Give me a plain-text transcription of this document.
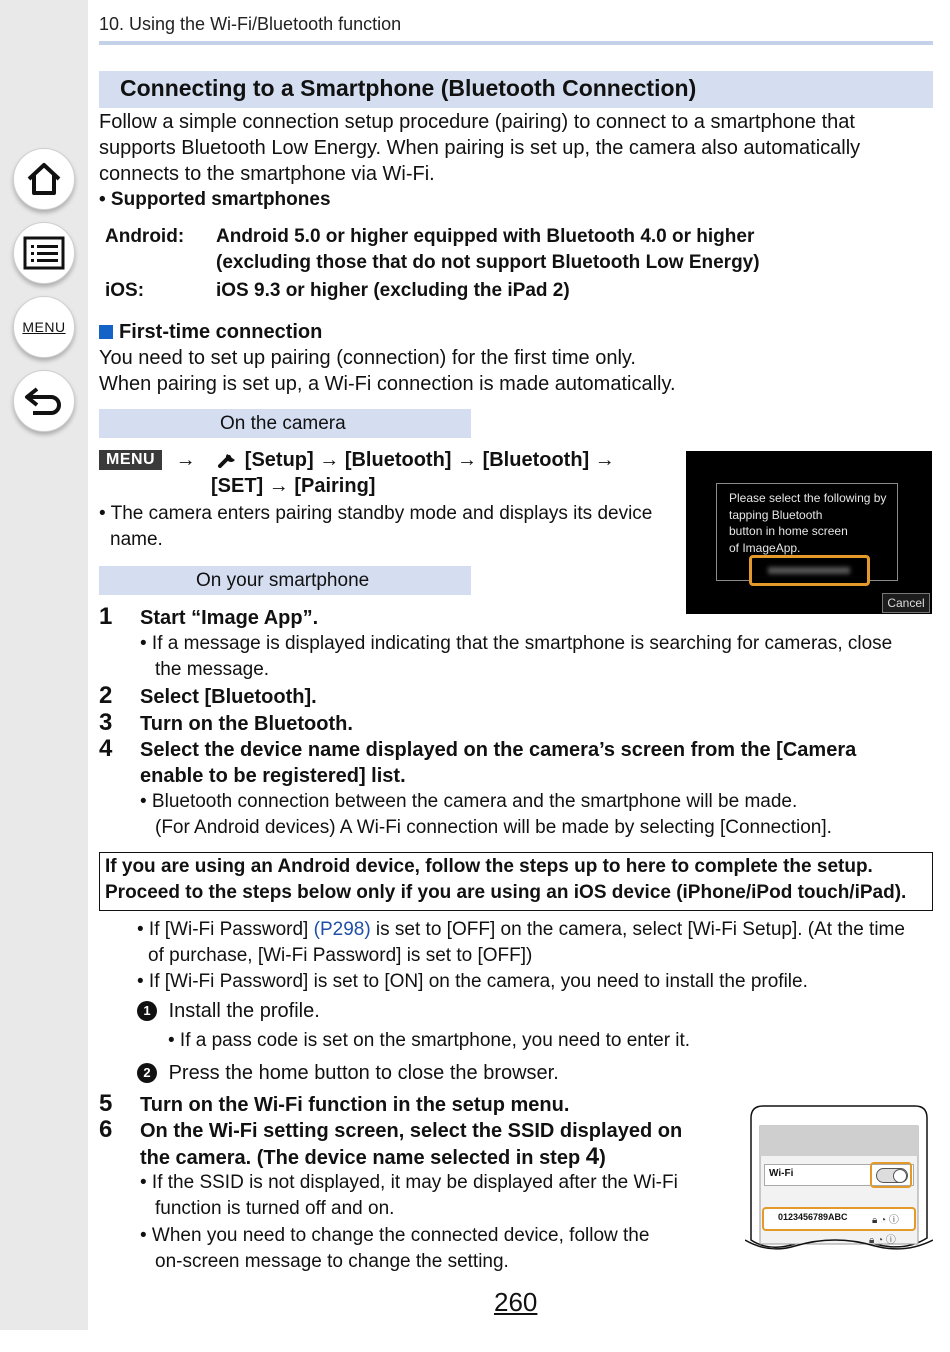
MENU
10. Using the Wi-Fi/Bluetooth function
Connecting to a Smartphone (Bluetooth Connection)
Follow a simple connection setup procedure (pairing) to connect to a smartphone that
supports Bluetooth Low Energy. When pairing is set up, the camera also automatically
connects to the smartphone via Wi-Fi.
• Supported smartphones
Android: Android 5.0 or higher equipped with Bluetooth 4.0 or higher
(excluding those that do not support Bluetooth Low Energy)
iOS:	iOS 9.3 or higher (excluding the iPad 2)
First-time connection
You need to set up pairing (connection) for the first time only.
When pairing is set up, a Wi-Fi connection is made automatically.
On the camera
MENU → [Setup] → [Bluetooth] → [Bluetooth] →
[SET] → [Pairing]
• The camera enters pairing standby mode and displays its device
name.
Please select the following by
tapping Bluetooth
button in home screen
of ImageApp.
Cancel
On your smartphone
1 Start “Image App”.
• If a message is displayed indicating that the smartphone is searching for cameras, close
the message.
2 Select [Bluetooth].
3 Turn on the Bluetooth.
4 Select the device name displayed on the camera’s screen from the [Camera
enable to be registered] list.
• Bluetooth connection between the camera and the smartphone will be made.
(For Android devices) A Wi-Fi connection will be made by selecting [Connection].
If you are using an Android device, follow the steps up to here to complete the setup.
Proceed to the steps below only if you are using an iOS device (iPhone/iPod touch/iPad).
• If [Wi-Fi Password] (P298) is set to [OFF] on the camera, select [Wi-Fi Setup]. (At the time
of purchase, [Wi-Fi Password] is set to [OFF])
• If [Wi-Fi Password] is set to [ON] on the camera, you need to install the profile.
1 Install the profile.
• If a pass code is set on the smartphone, you need to enter it.
2 Press the home button to close the browser.
5 Turn on the Wi-Fi function in the setup menu.
6 On the Wi-Fi setting screen, select the SSID displayed on
the camera. (The device name selected in step 4)
• If the SSID is not displayed, it may be displayed after the Wi-Fi
function is turned off and on.
• When you need to change the connected device, follow the
on-screen message to change the setting.
Wi-Fi
0123456789ABC 🔒︎ ◔ ⓘ
🔒︎ ◔ ⓘ
260
